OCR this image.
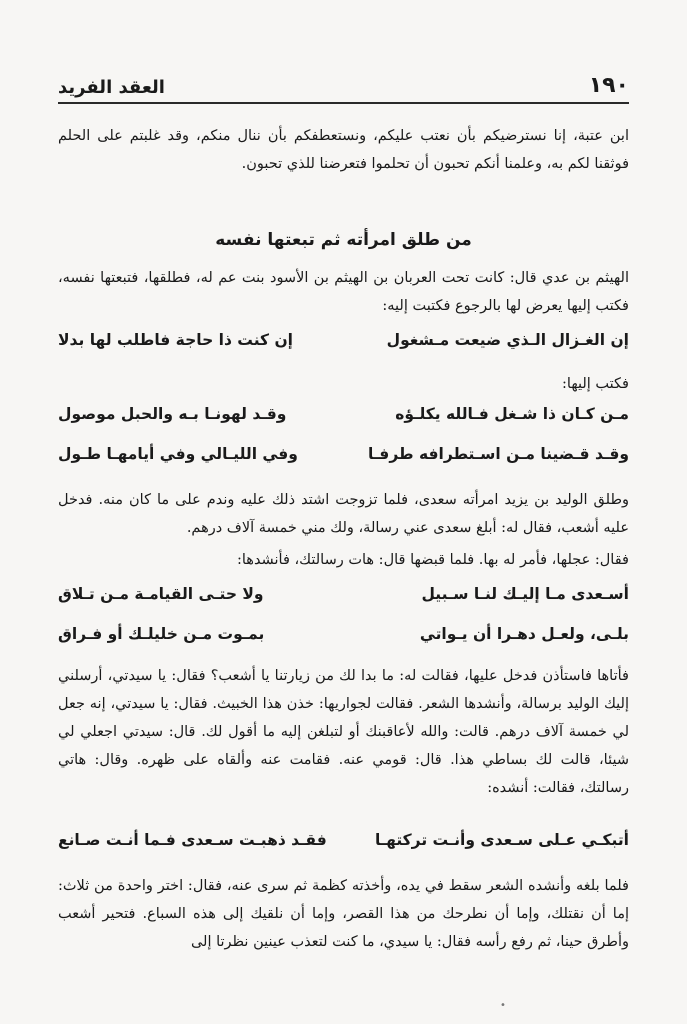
١٩٠
العقد الفريد

ابن عتبة، إنا نسترضيكم بأن نعتب عليكم، ونستعطفكم بأن ننال منكم، وقد غلبتم على الحلم فوثقنا لكم به، وعلمنا أنكم تحبون أن تحلموا فتعرضنا للذي تحبون.

من طلق امرأته ثم تبعتها نفسه

الهيثم بن عدي قال: كانت تحت العربان بن الهيثم بن الأسود بنت عم له، فطلقها، فتبعتها نفسه، فكتب إليها يعرض لها بالرجوع فكتبت إليه:

إن الغـزال الـذي ضيعت مـشغول
إن كنت ذا حاجة فاطلب لها بدلا

فكتب إليها:

مـن كـان ذا شـغل فـالله يكلـؤه
وقـد لهونـا بـه والحبل موصول
وقـد قـضينا مـن اسـتطرافه طرفـا
وفي الليـالي وفي أيامهـا طـول

وطلق الوليد بن يزيد امرأته سعدى، فلما تزوجت اشتد ذلك عليه وندم على ما كان منه. فدخل عليه أشعب، فقال له: أبلغ سعدى عني رسالة، ولك مني خمسة آلاف درهم.

فقال: عجلها، فأمر له بها. فلما قبضها قال: هات رسالتك، فأنشدها:

أسـعدى مـا إليـك لنـا سـبيل
ولا حتـى القيامـة مـن تـلاق
بلـى، ولعـل دهـرا أن يـواتي
بمـوت مـن خليلـك أو فـراق

فأتاها فاستأذن فدخل عليها، فقالت له: ما بدا لك من زيارتنا يا أشعب؟ فقال: يا سيدتي، أرسلني إليك الوليد برسالة، وأنشدها الشعر. فقالت لجواريها: خذن هذا الخبيث. فقال: يا سيدتي، إنه جعل لي خمسة آلاف درهم. قالت: والله لأعاقبنك أو لتبلغن إليه ما أقول لك. قال: سيدتي اجعلي لي شيئا، قالت لك بساطي هذا. قال: قومي عنه. فقامت عنه وألقاه على ظهره. وقال: هاتي رسالتك، فقالت: أنشده:

أتبكـي عـلى سـعدى وأنـت تركتهـا
فقـد ذهبـت سـعدى فـما أنـت صـانع

فلما بلغه وأنشده الشعر سقط في يده، وأخذته كظمة ثم سرى عنه، فقال: اختر واحدة من ثلاث: إما أن نقتلك، وإما أن نطرحك من هذا القصر، وإما أن نلقيك إلى هذه السباع. فتحير أشعب وأطرق حينا، ثم رفع رأسه فقال: يا سيدي، ما كنت لتعذب عينين نظرتا إلى

•
